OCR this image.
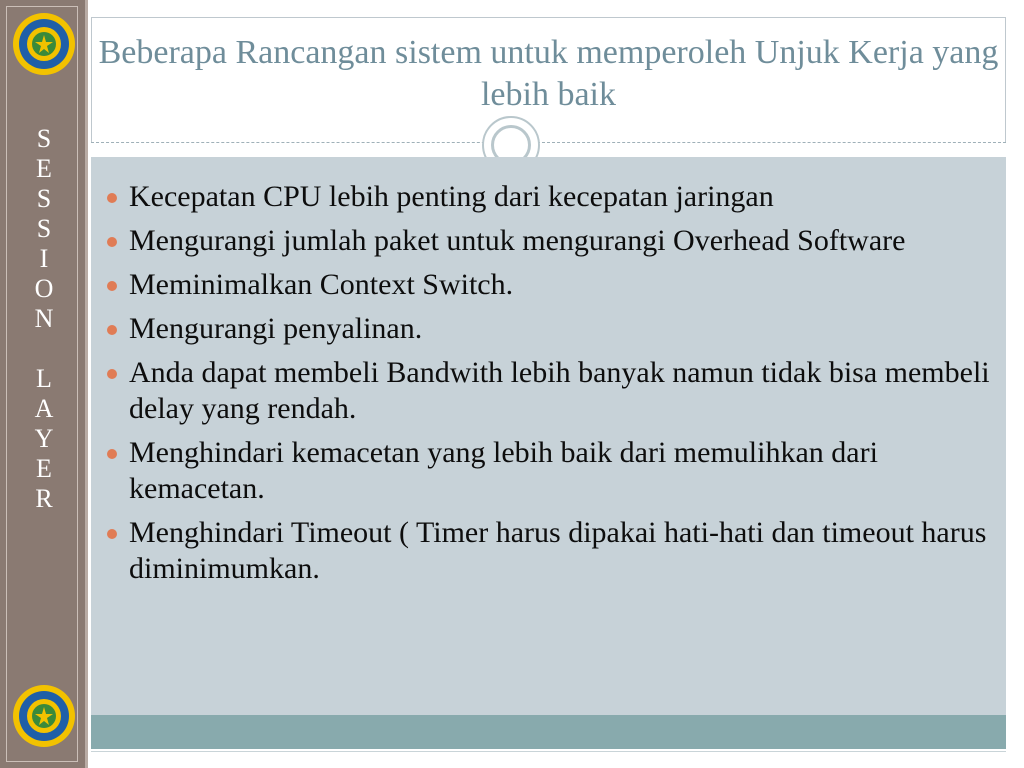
S
E
S
S
I
O
N
L
A
Y
E
R
Beberapa Rancangan sistem untuk memperoleh Unjuk Kerja yang lebih baik
Kecepatan CPU lebih penting dari kecepatan jaringan
Mengurangi jumlah paket untuk mengurangi Overhead Software
Meminimalkan Context Switch.
Mengurangi penyalinan.
Anda dapat membeli Bandwith lebih banyak namun tidak bisa membeli delay yang rendah.
Menghindari kemacetan yang lebih baik dari memulihkan dari kemacetan.
Menghindari Timeout ( Timer harus dipakai hati-hati dan timeout harus diminimumkan.
